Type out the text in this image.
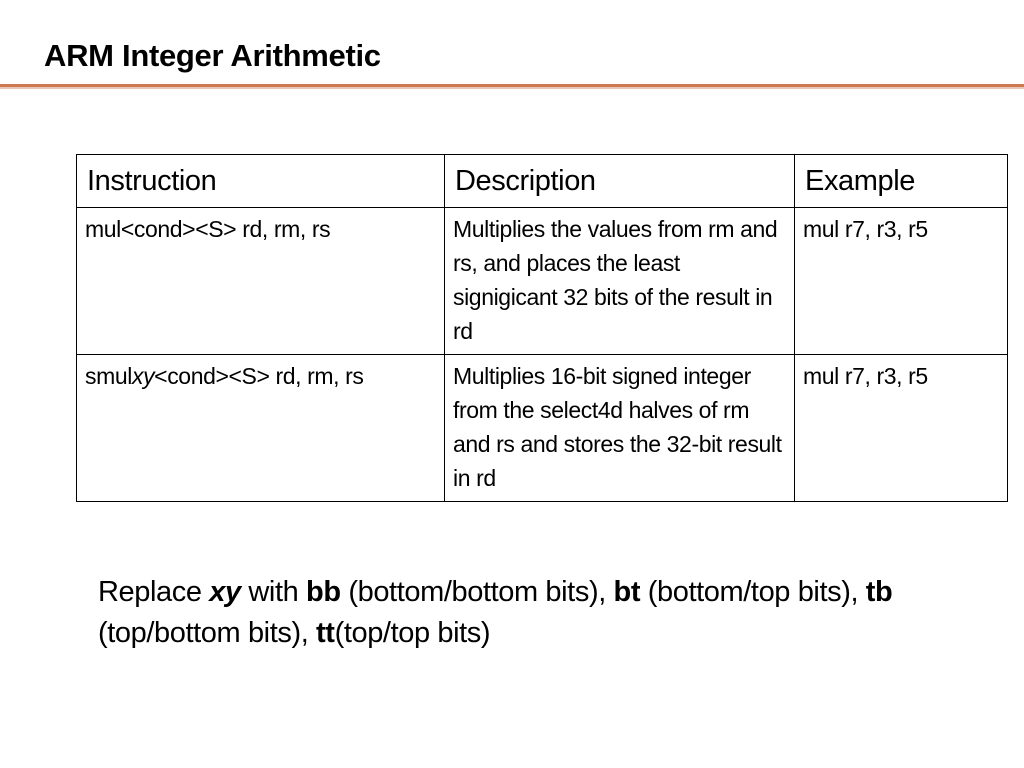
ARM Integer Arithmetic
Instruction	Description	Example
mul<cond><S> rd, rm, rs	Multiplies the values from rm and rs, and places the least signigicant 32 bits of the result in rd	mul r7, r3, r5
smulxy<cond><S> rd, rm, rs	Multiplies 16-bit signed integer from the select4d halves of rm and rs and stores the 32-bit result in rd	mul r7, r3, r5
Replace xy with bb (bottom/bottom bits), bt (bottom/top bits), tb (top/bottom bits), tt(top/top bits)
